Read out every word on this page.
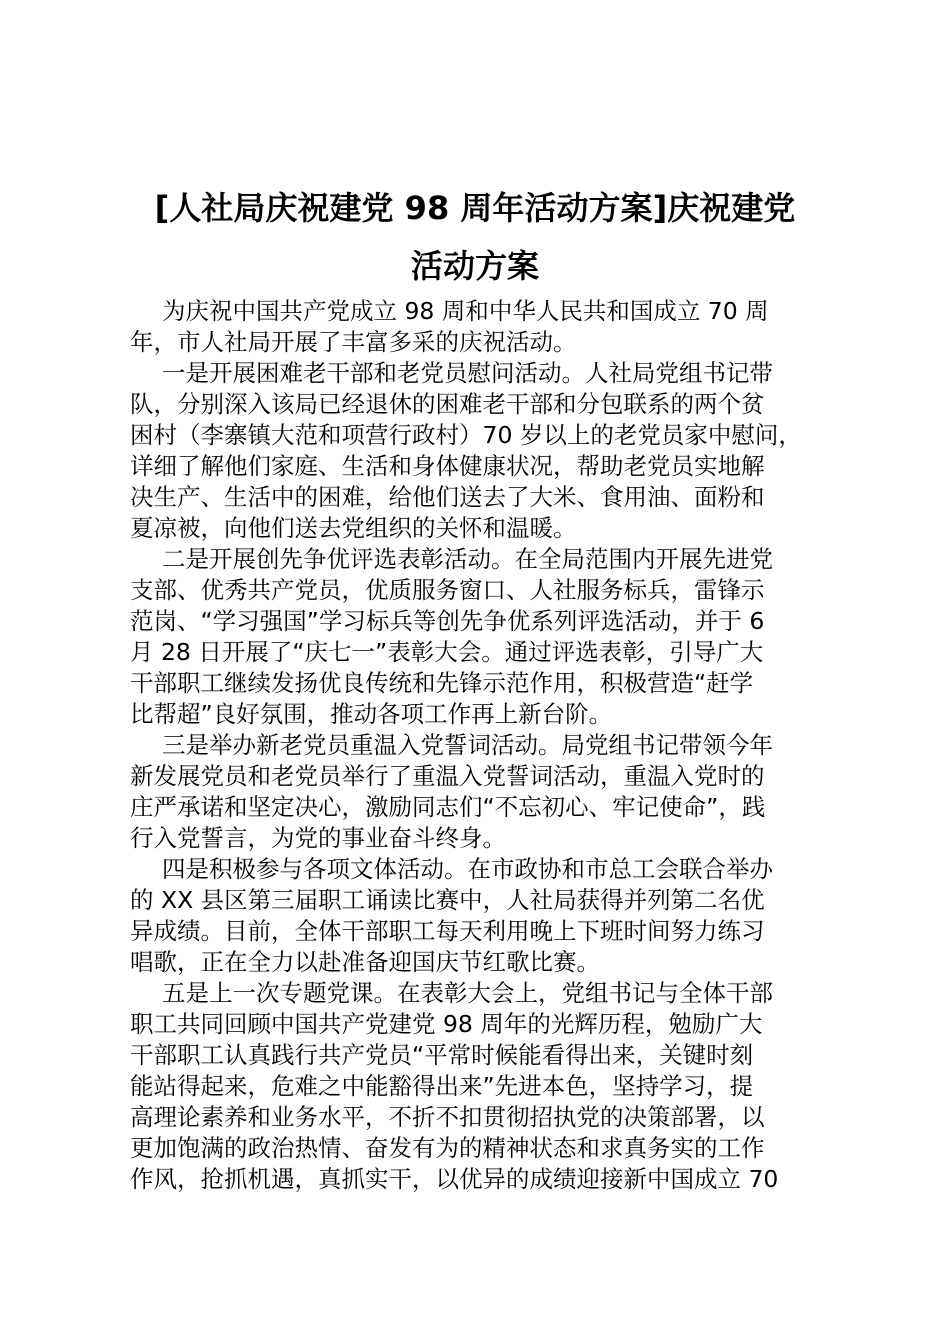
[人社局庆祝建党 98 周年活动方案]庆祝建党
活动方案
为庆祝中国共产党成立 98 周和中华人民共和国成立 70 周
年，市人社局开展了丰富多采的庆祝活动。
一是开展困难老干部和老党员慰问活动。人社局党组书记带
队，分别深入该局已经退休的困难老干部和分包联系的两个贫
困村（李寨镇大范和项营行政村）70 岁以上的老党员家中慰问，
详细了解他们家庭、生活和身体健康状况，帮助老党员实地解
决生产、生活中的困难，给他们送去了大米、食用油、面粉和
夏凉被，向他们送去党组织的关怀和温暖。
二是开展创先争优评选表彰活动。在全局范围内开展先进党
支部、优秀共产党员，优质服务窗口、人社服务标兵，雷锋示
范岗、“学习强国”学习标兵等创先争优系列评选活动，并于 6
月 28 日开展了“庆七一”表彰大会。通过评选表彰，引导广大
干部职工继续发扬优良传统和先锋示范作用，积极营造“赶学
比帮超”良好氛围，推动各项工作再上新台阶。
三是举办新老党员重温入党誓词活动。局党组书记带领今年
新发展党员和老党员举行了重温入党誓词活动，重温入党时的
庄严承诺和坚定决心，激励同志们“不忘初心、牢记使命”，践
行入党誓言，为党的事业奋斗终身。
四是积极参与各项文体活动。在市政协和市总工会联合举办
的 XX 县区第三届职工诵读比赛中，人社局获得并列第二名优
异成绩。目前，全体干部职工每天利用晚上下班时间努力练习
唱歌，正在全力以赴准备迎国庆节红歌比赛。
五是上一次专题党课。在表彰大会上，党组书记与全体干部
职工共同回顾中国共产党建党 98 周年的光辉历程，勉励广大
干部职工认真践行共产党员“平常时候能看得出来，关键时刻
能站得起来，危难之中能豁得出来”先进本色，坚持学习，提
高理论素养和业务水平，不折不扣贯彻招执党的决策部署，以
更加饱满的政治热情、奋发有为的精神状态和求真务实的工作
作风，抢抓机遇，真抓实干，以优异的成绩迎接新中国成立 70
